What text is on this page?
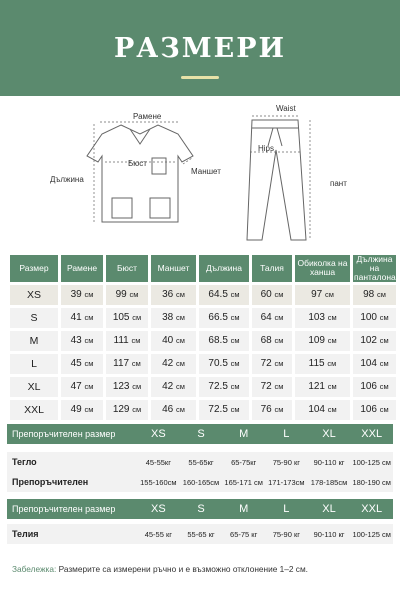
РАЗМЕРИ
Рамене
Бюст
Маншет
Дължина
Waist
Hips
пант
Размер	Рамене	Бюст	Маншет	Дължина	Талия	Обиколка на ханша	Дължина на панталона
XS	39 см	99 см	36 см	64.5 см	60 см	97 см	98 см
S	41 см	105 см	38 см	66.5 см	64 см	103 см	100 см
M	43 см	111 см	40 см	68.5 см	68 см	109 см	102 см
L	45 см	117 см	42 см	70.5 см	72 см	115 см	104 см
XL	47 см	123 см	42 см	72.5 см	72 см	121 см	106 см
XXL	49 см	129 см	46 см	72.5 см	76 см	104 см	106 см
Препоръчителен размер	XS	S	M	L	XL	XXL
Тегло	45-55кг	55-65кг	65-75кг	75-90 кг	90-110 кг	100-125 см
Препоръчителен	155-160см 160-165см 165-171 см 171-173см 178-185см 180-190 см
Препоръчителен размер	XS	S	M	L	XL	XXL
Телия	45-55 кг	55-65 кг	65-75 кг	75-90 кг	90-110 кг	100-125 см
Забележка: Размерите са измерени ръчно и е възможно отклонение 1–2 см.
